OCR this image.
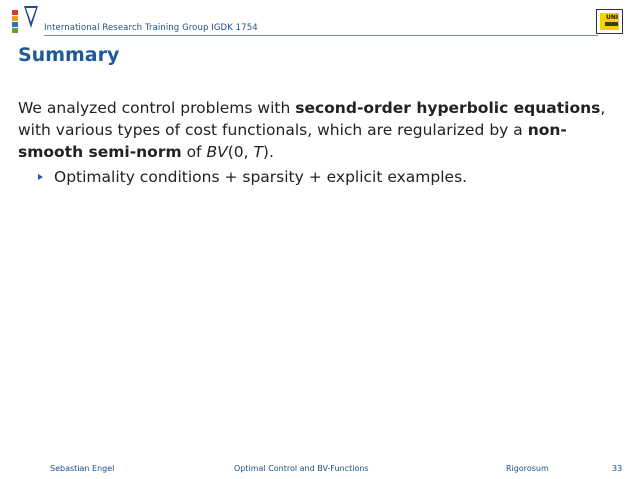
International Research Training Group IGDK 1754
UNI
Summary

We analyzed control problems with second-order hyperbolic equations, with various types of cost functionals, which are regularized by a non-smooth semi-norm of BV(0, T).

Optimality conditions + sparsity + explicit examples.
Sebastian Engel	Optimal Control and BV-Functions	Rigorosum	33
